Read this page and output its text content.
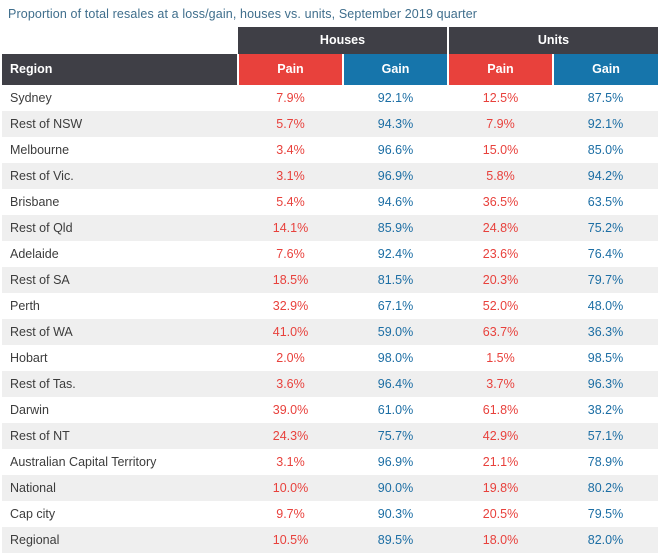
Proportion of total resales at a loss/gain, houses vs. units, September 2019 quarter
	Houses		Units	
Region	Pain	Gain	Pain	Gain
Sydney	7.9%	92.1%	12.5%	87.5%
Rest of NSW	5.7%	94.3%	7.9%	92.1%
Melbourne	3.4%	96.6%	15.0%	85.0%
Rest of Vic.	3.1%	96.9%	5.8%	94.2%
Brisbane	5.4%	94.6%	36.5%	63.5%
Rest of Qld	14.1%	85.9%	24.8%	75.2%
Adelaide	7.6%	92.4%	23.6%	76.4%
Rest of SA	18.5%	81.5%	20.3%	79.7%
Perth	32.9%	67.1%	52.0%	48.0%
Rest of WA	41.0%	59.0%	63.7%	36.3%
Hobart	2.0%	98.0%	1.5%	98.5%
Rest of Tas.	3.6%	96.4%	3.7%	96.3%
Darwin	39.0%	61.0%	61.8%	38.2%
Rest of NT	24.3%	75.7%	42.9%	57.1%
Australian Capital Territory	3.1%	96.9%	21.1%	78.9%
National	10.0%	90.0%	19.8%	80.2%
Cap city	9.7%	90.3%	20.5%	79.5%
Regional	10.5%	89.5%	18.0%	82.0%
